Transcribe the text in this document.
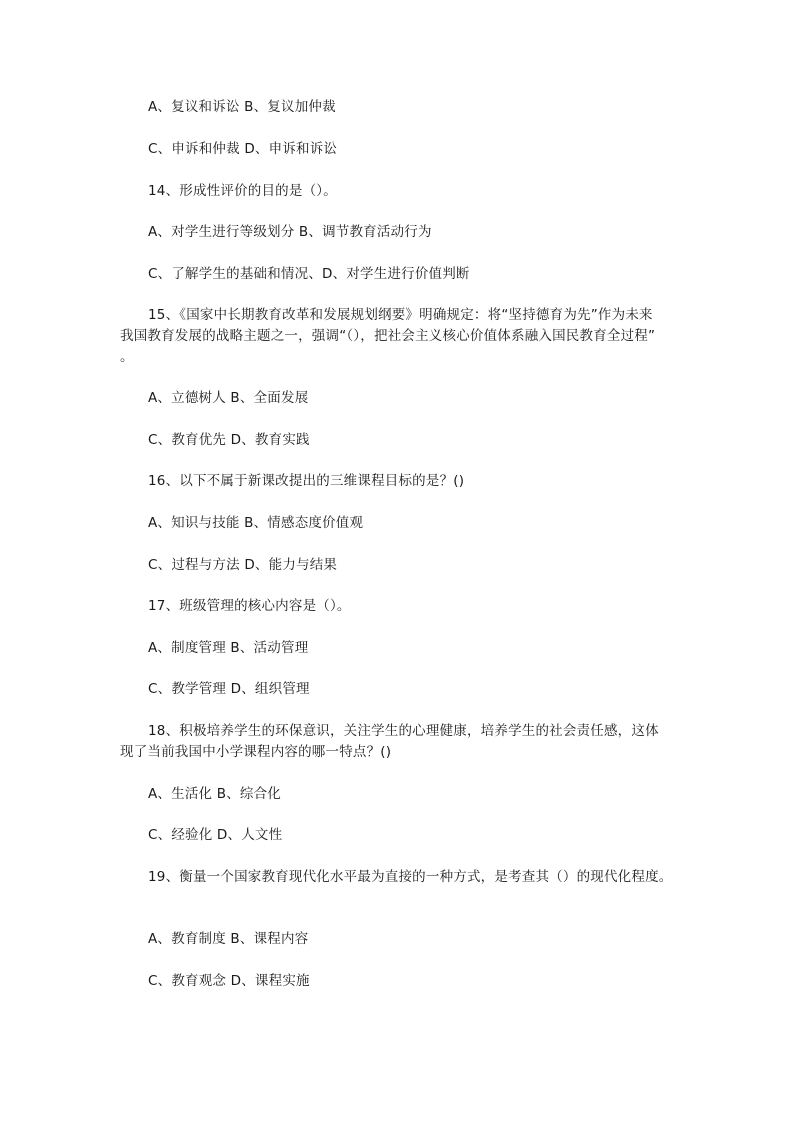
A、复议和诉讼 B、复议加仲裁
C、申诉和仲裁 D、申诉和诉讼
14、形成性评价的目的是（）。
A、对学生进行等级划分 B、调节教育活动行为
C、了解学生的基础和情况、D、对学生进行价值判断
15、《国家中长期教育改革和发展规划纲要》明确规定：将“坚持德育为先”作为未来
我国教育发展的战略主题之一，强调“（），把社会主义核心价值体系融入国民教育全过程”
。
A、立德树人 B、全面发展
C、教育优先 D、教育实践
16、以下不属于新课改提出的三维课程目标的是？()
A、知识与技能 B、情感态度价值观
C、过程与方法 D、能力与结果
17、班级管理的核心内容是（）。
A、制度管理 B、活动管理
C、教学管理 D、组织管理
18、积极培养学生的环保意识，关注学生的心理健康，培养学生的社会责任感，这体
现了当前我国中小学课程内容的哪一特点？()
A、生活化 B、综合化
C、经验化 D、人文性
19、衡量一个国家教育现代化水平最为直接的一种方式，是考查其（）的现代化程度。
A、教育制度 B、课程内容
C、教育观念 D、课程实施
